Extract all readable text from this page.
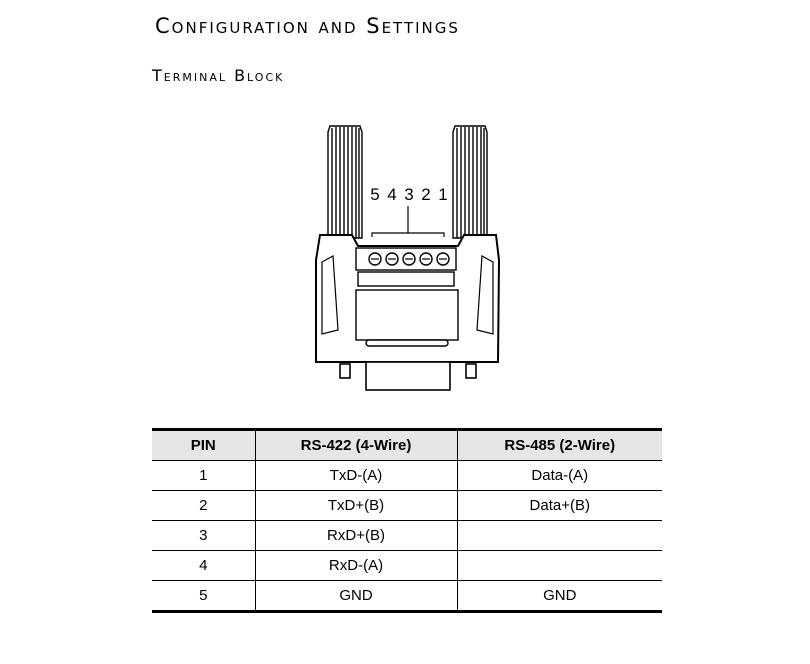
Configuration and Settings
Terminal Block
5 4 3 2 1
PIN	RS-422 (4-Wire)	RS-485 (2-Wire)
1	TxD-(A)	Data-(A)
2	TxD+(B)	Data+(B)
3	RxD+(B)	
4	RxD-(A)	
5	GND	GND
